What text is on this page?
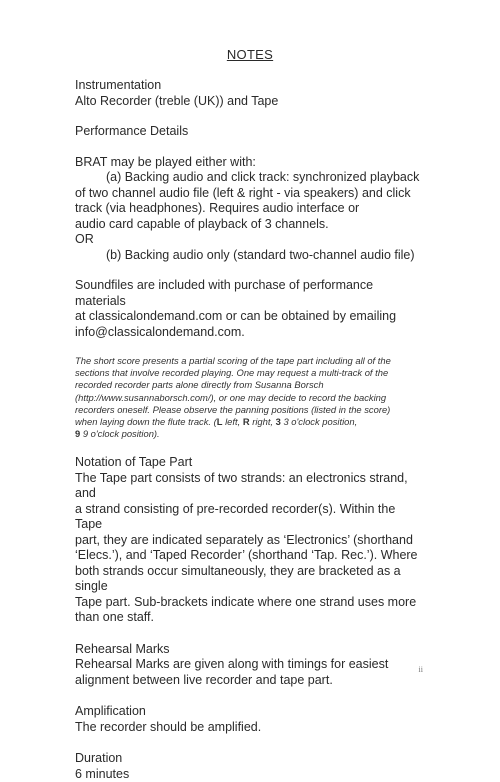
NOTES

Instrumentation

Alto Recorder (treble (UK)) and Tape

Performance Details

BRAT may be played either with:

(a) Backing audio and click track: synchronized playback

of two channel audio file (left & right - via speakers) and click

track (via headphones). Requires audio interface or

audio card capable of playback of 3 channels.

OR

(b) Backing audio only (standard two-channel audio file)

Soundfiles are included with purchase of performance materials

at classicalondemand.com or can be obtained by emailing

info@classicalondemand.com.

The short score presents a partial scoring of the tape part including all of the

sections that involve recorded playing. One may request a multi-track of the

recorded recorder parts alone directly from Susanna Borsch

(http://www.susannaborsch.com/), or one may decide to record the backing

recorders oneself. Please observe the panning positions (listed in the score)

when laying down the flute track. (L left, R right, 3 3 o'clock position,

9 9 o'clock position).

Notation of Tape Part

The Tape part consists of two strands: an electronics strand, and

a strand consisting of pre-recorded recorder(s). Within the Tape

part, they are indicated separately as ‘Electronics’ (shorthand

‘Elecs.’), and ‘Taped Recorder’ (shorthand ‘Tap. Rec.’). Where

both strands occur simultaneously, they are bracketed as a single

Tape part. Sub-brackets indicate where one strand uses more

than one staff.

Rehearsal Marks

Rehearsal Marks are given along with timings for easiest

alignment between live recorder and tape part.

Amplification

The recorder should be amplified.

Duration

6 minutes

ii
